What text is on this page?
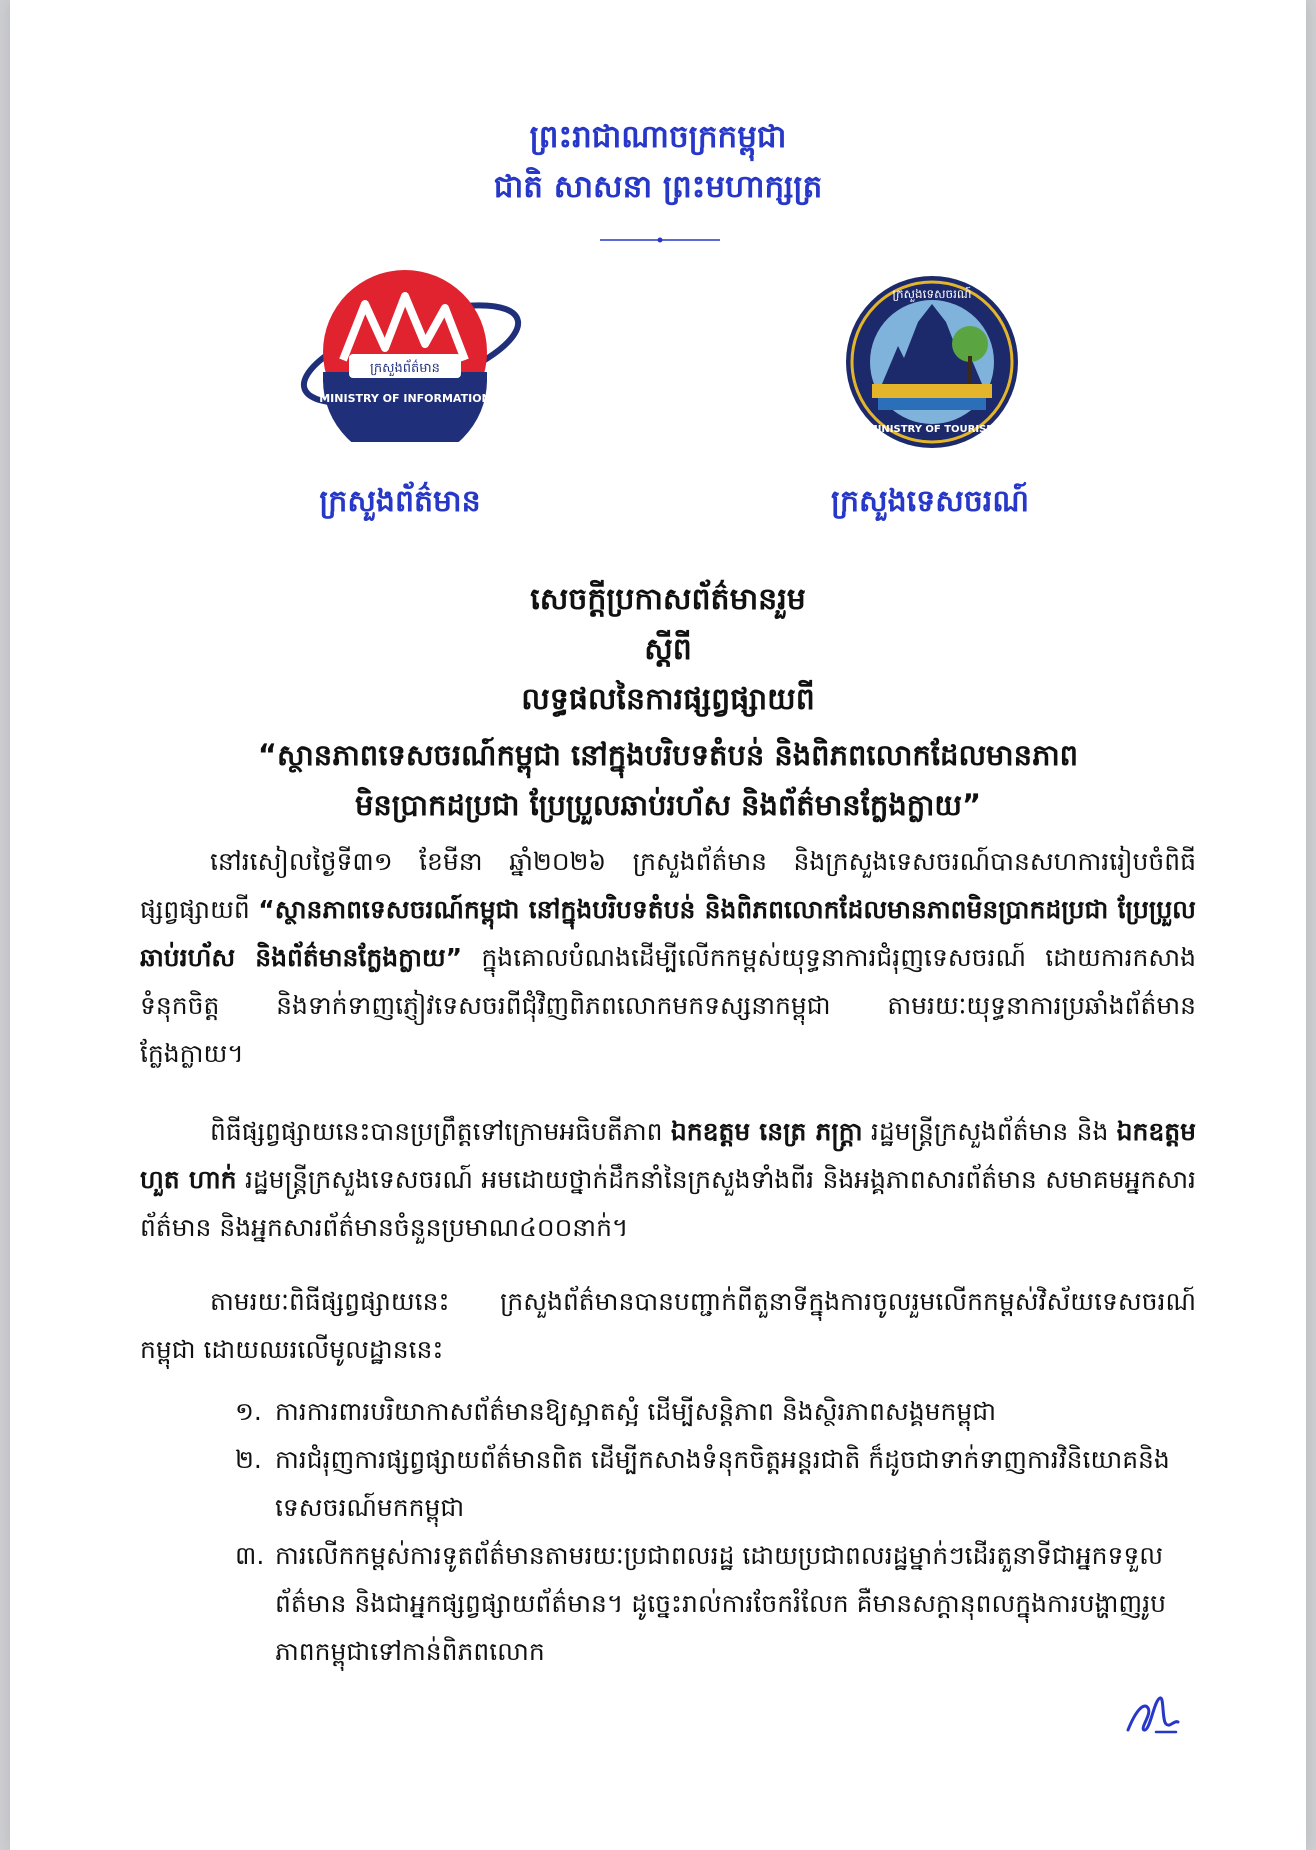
ព្រះរាជាណាចក្រកម្ពុជា
ជាតិ សាសនា ព្រះមហាក្សត្រ
ក្រសួងព័ត៌មាន
MINISTRY OF INFORMATION
ក្រសួងទេសចរណ៍
MINISTRY OF TOURISM
ក្រសួងព័ត៌មាន	ក្រសួងទេសចរណ៍
សេចក្តីប្រកាសព័ត៌មានរួម
ស្តីពី
លទ្ធផលនៃការផ្សព្វផ្សាយពី
“ស្ថានភាពទេសចរណ៍កម្ពុជា នៅក្នុងបរិបទតំបន់ និងពិភពលោកដែលមានភាព
មិនប្រាកដប្រជា ប្រែប្រួលឆាប់រហ័ស និងព័ត៌មានក្លែងក្លាយ”
នៅរសៀលថ្ងៃទី៣១ ខែមីនា ឆ្នាំ២០២៦ ក្រសួងព័ត៌មាន និងក្រសួងទេសចរណ៍បានសហការរៀបចំពិធីផ្សព្វផ្សាយពី “ស្ថានភាពទេសចរណ៍កម្ពុជា នៅក្នុងបរិបទតំបន់ និងពិភពលោកដែលមានភាពមិនប្រាកដប្រជា ប្រែប្រួលឆាប់រហ័ស និងព័ត៌មានក្លែងក្លាយ” ក្នុងគោលបំណងដើម្បីលើកកម្ពស់យុទ្ធនាការជំរុញទេសចរណ៍ ដោយការកសាងទំនុកចិត្ត និងទាក់ទាញភ្ញៀវទេសចរពីជុំវិញពិភពលោកមកទស្សនាកម្ពុជា តាមរយៈយុទ្ធនាការប្រឆាំងព័ត៌មានក្លែងក្លាយ។
ពិធីផ្សព្វផ្សាយនេះបានប្រព្រឹត្តទៅក្រោមអធិបតីភាព ឯកឧត្តម នេត្រ ភក្ត្រា រដ្ឋមន្ត្រីក្រសួងព័ត៌មាន និង ឯកឧត្តម ហួត ហាក់ រដ្ឋមន្ត្រីក្រសួងទេសចរណ៍ អមដោយថ្នាក់ដឹកនាំនៃក្រសួងទាំងពីរ និងអង្គភាពសារព័ត៌មាន សមាគមអ្នកសារព័ត៌មាន និងអ្នកសារព័ត៌មានចំនួនប្រមាណ៤០០នាក់។
តាមរយៈពិធីផ្សព្វផ្សាយនេះ ក្រសួងព័ត៌មានបានបញ្ជាក់ពីតួនាទីក្នុងការចូលរួមលើកកម្ពស់វិស័យទេសចរណ៍កម្ពុជា ដោយឈរលើមូលដ្ឋាននេះ
១. ការការពារបរិយាកាសព័ត៌មានឱ្យស្អាតស្អំ ដើម្បីសន្តិភាព និងស្ថិរភាពសង្គមកម្ពុជា
២. ការជំរុញការផ្សព្វផ្សាយព័ត៌មានពិត ដើម្បីកសាងទំនុកចិត្តអន្តរជាតិ ក៏ដូចជាទាក់ទាញការវិនិយោគនិងទេសចរណ៍មកកម្ពុជា
៣. ការលើកកម្ពស់ការទូតព័ត៌មានតាមរយៈប្រជាពលរដ្ឋ ដោយប្រជាពលរដ្ឋម្នាក់ៗដើរតួនាទីជាអ្នកទទួលព័ត៌មាន និងជាអ្នកផ្សព្វផ្សាយព័ត៌មាន។ ដូច្នេះរាល់ការចែករំលែក គឺមានសក្តានុពលក្នុងការបង្ហាញរូបភាពកម្ពុជាទៅកាន់ពិភពលោក
